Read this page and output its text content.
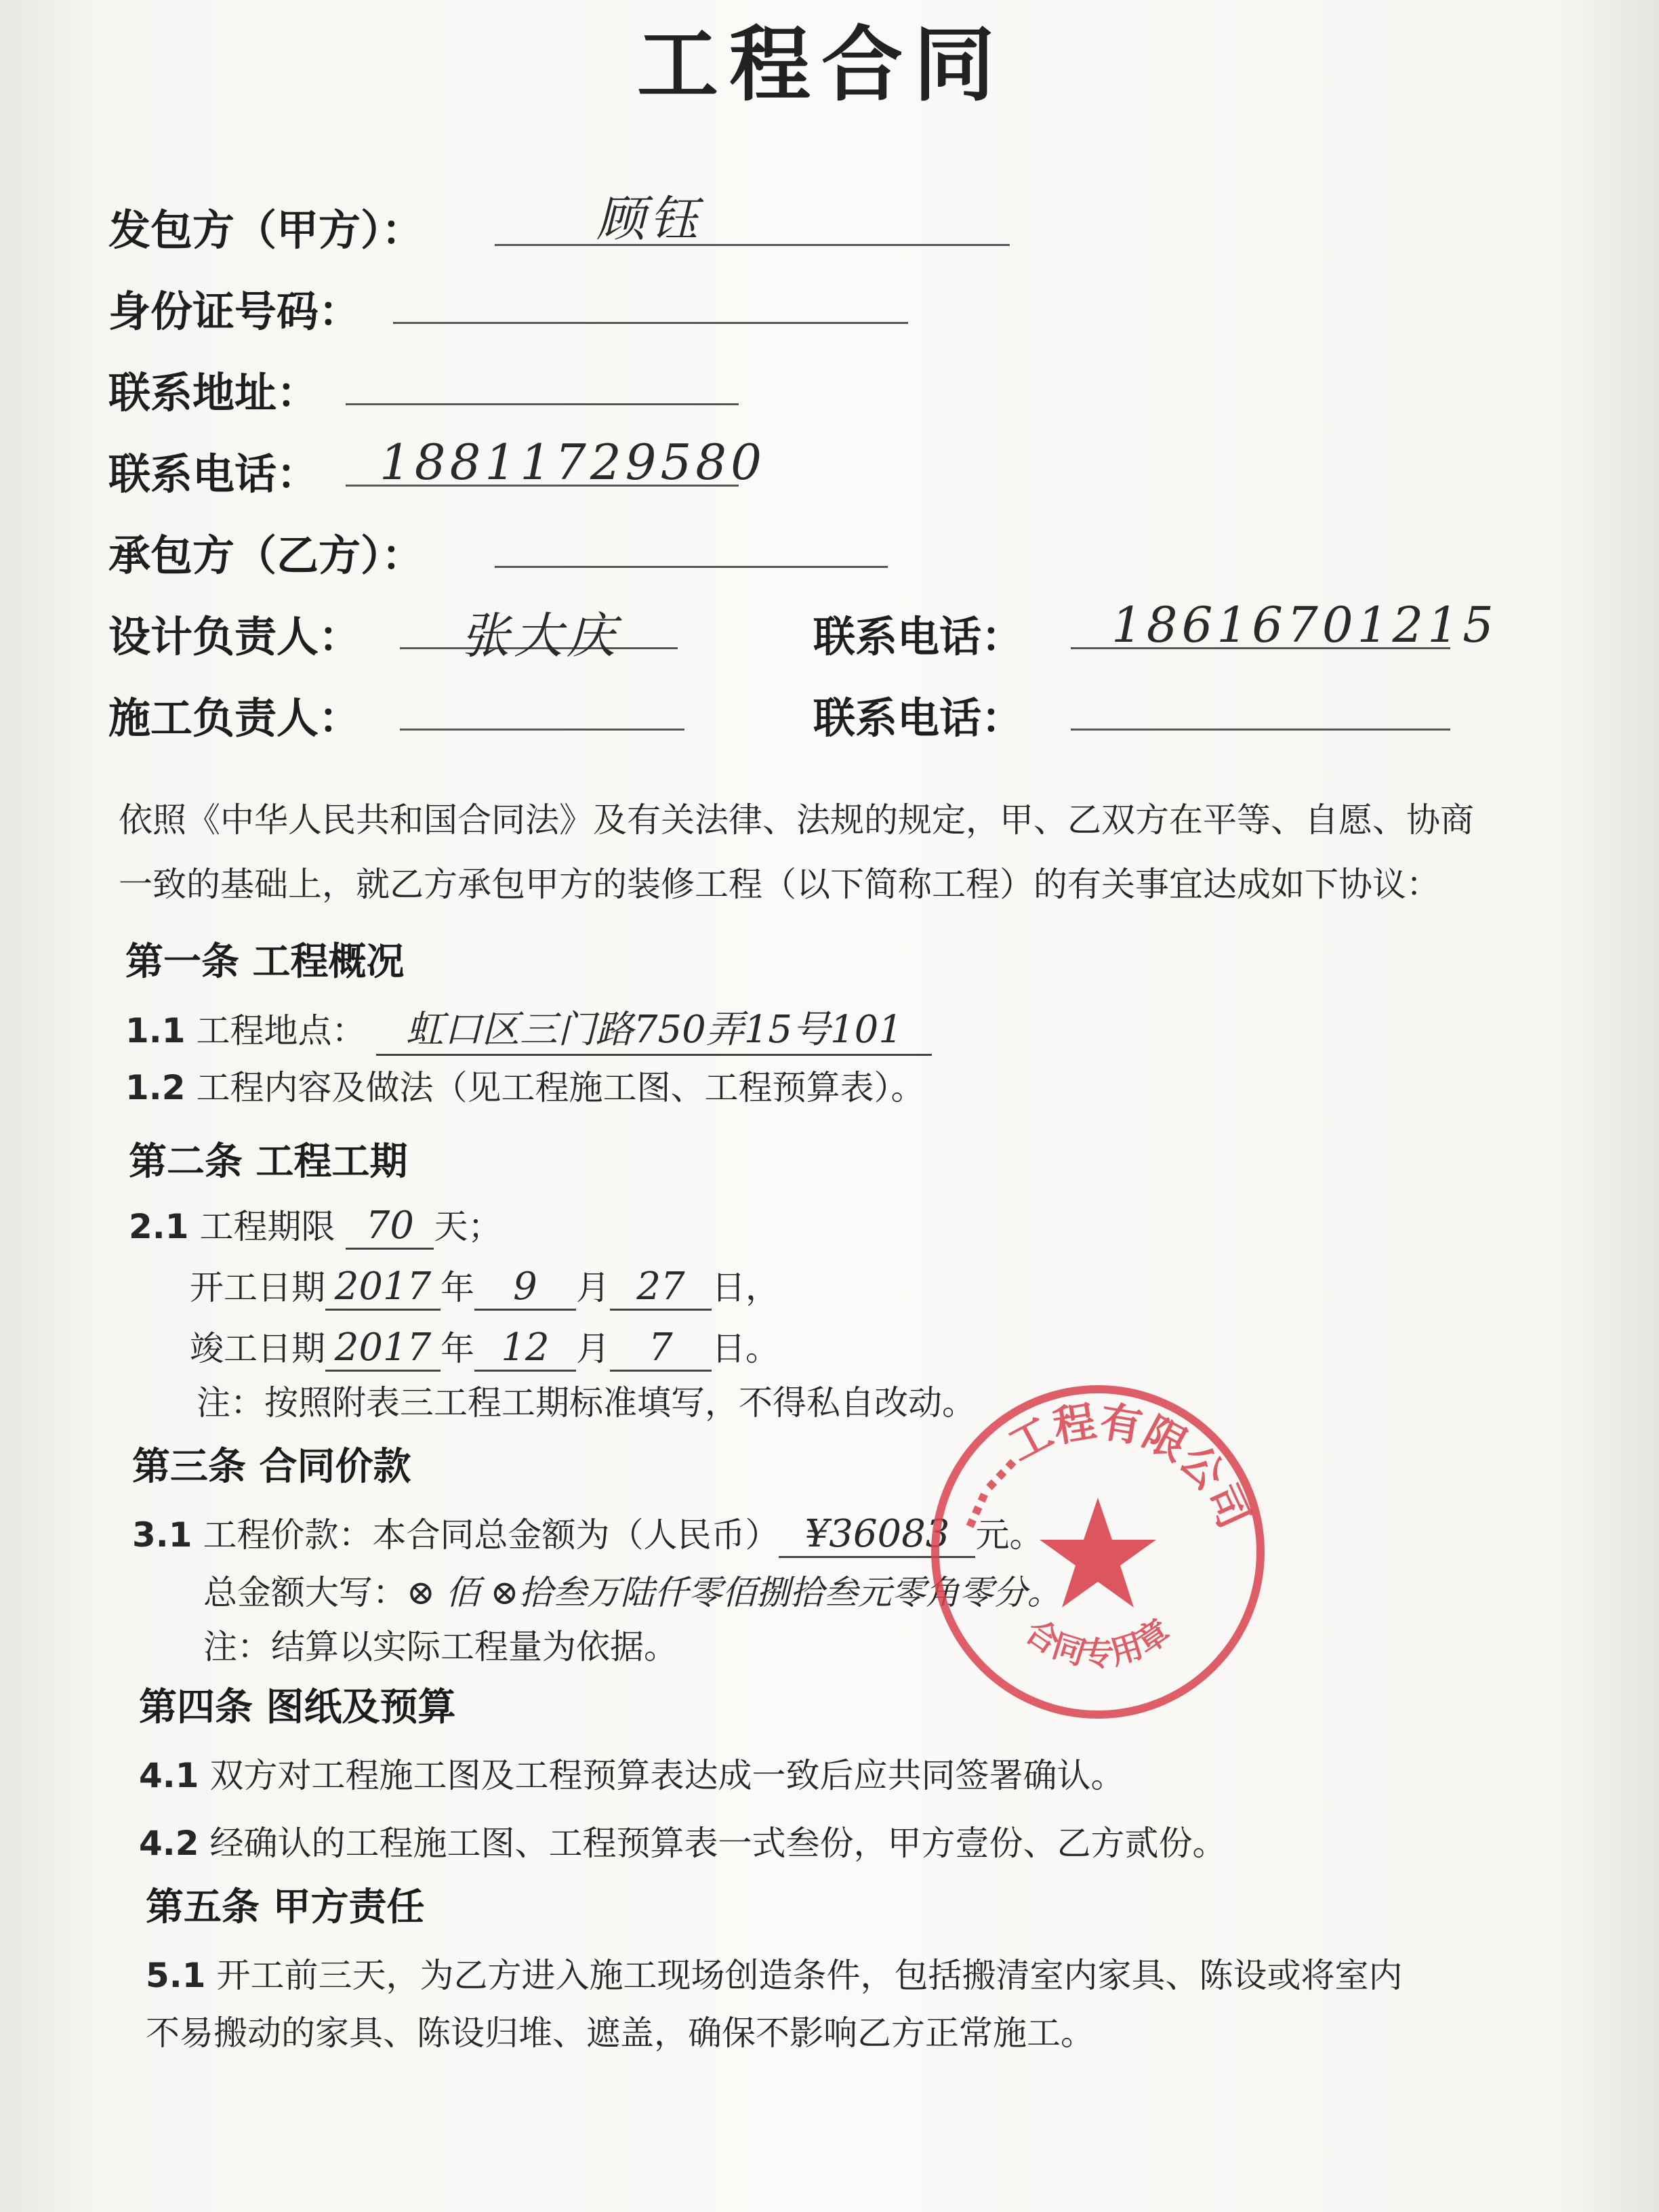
工程合同
发包方（甲方）：	顾钰
身份证号码：
联系地址：
联系电话： 18811729580
承包方（乙方）：
设计负责人： 张大庆	联系电话： 18616701215
施工负责人：	联系电话：
依照《中华人民共和国合同法》及有关法律、法规的规定，甲、乙双方在平等、自愿、协商
一致的基础上，就乙方承包甲方的装修工程（以下简称工程）的有关事宜达成如下协议：
第一条 工程概况
1.1 工程地点： 虹口区三门路750弄15号101
1.2 工程内容及做法（见工程施工图、工程预算表）。
第二条 工程工期
2.1 工程期限 70 天；
开工日期 2017 年 9 月 27 日，
竣工日期 2017 年 12 月 7 日。
注：按照附表三工程工期标准填写，不得私自改动。
第三条 合同价款
3.1 工程价款：本合同总金额为（人民币） ¥36083 元。
总金额大写：⊗ 佰 ⊗拾叁万陆仟零佰捌拾叁元零角零分。
注：结算以实际工程量为依据。
第四条 图纸及预算
4.1 双方对工程施工图及工程预算表达成一致后应共同签署确认。
4.2 经确认的工程施工图、工程预算表一式叁份，甲方壹份、乙方贰份。
第五条 甲方责任
5.1 开工前三天，为乙方进入施工现场创造条件，包括搬清室内家具、陈设或将室内
不易搬动的家具、陈设归堆、遮盖，确保不影响乙方正常施工。
……工程有限公司
合同专用章
